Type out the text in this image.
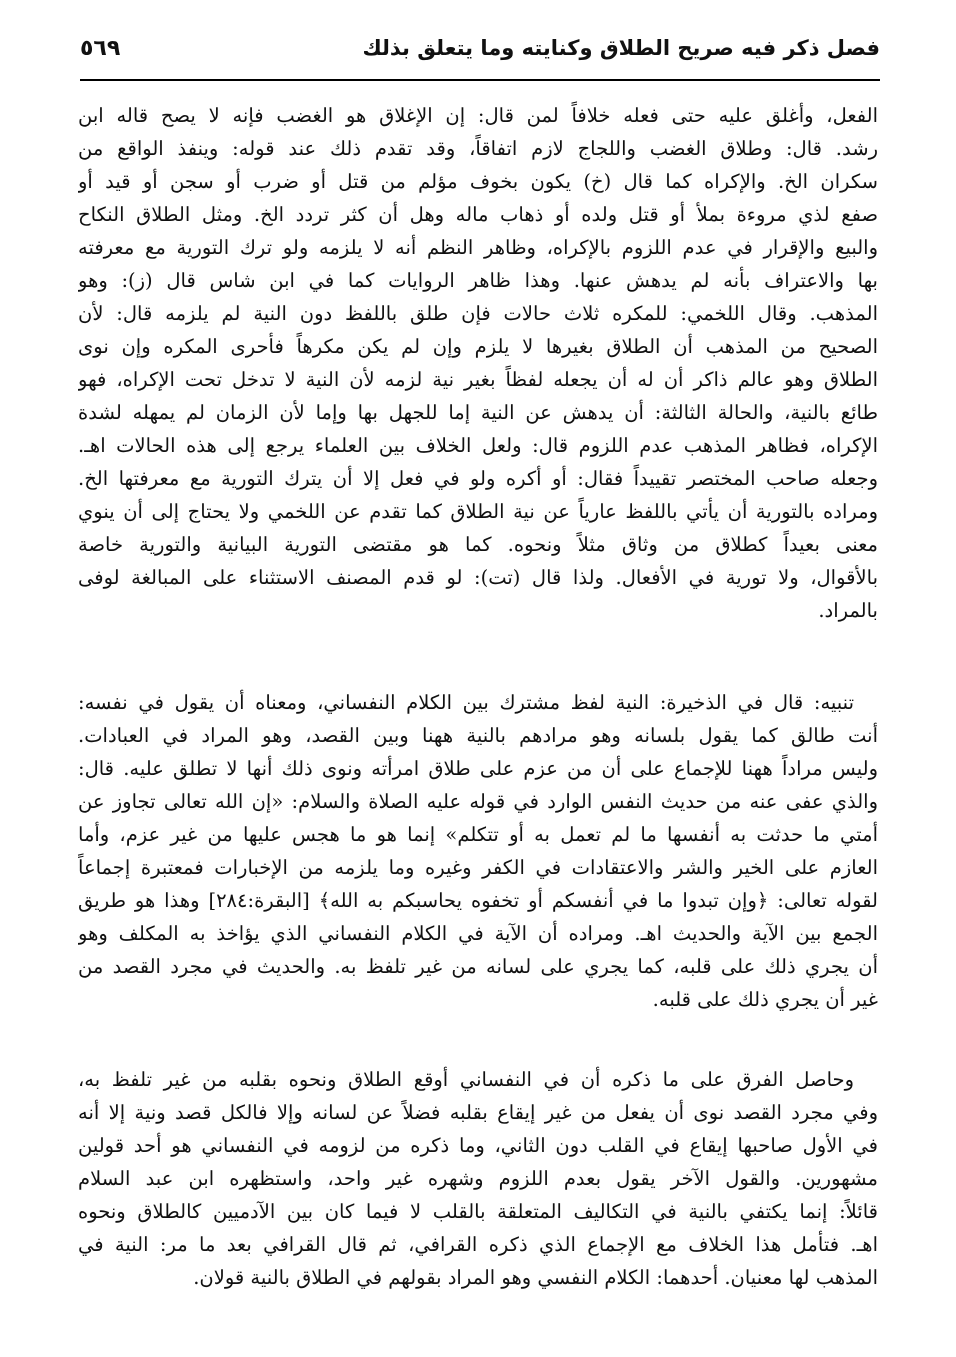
فصل ذكر فيه صريح الطلاق وكنايته وما يتعلق بذلك
٥٦٩
الفعل، وأغلق عليه حتى فعله خلافاً لمن قال: إن الإغلاق هو الغضب فإنه لا يصح قاله ابن
رشد. قال: وطلاق الغضب واللجاج لازم اتفاقاً، وقد تقدم ذلك عند قوله: وينفذ الواقع من
سكران الخ. والإكراه كما قال (خ) يكون بخوف مؤلم من قتل أو ضرب أو سجن أو قيد أو
صفع لذي مروءة بملأ أو قتل ولده أو ذهاب ماله وهل أن كثر تردد الخ. ومثل الطلاق النكاح
والبيع والإقرار في عدم اللزوم بالإكراه، وظاهر النظم أنه لا يلزمه ولو ترك التورية مع معرفته
بها والاعتراف بأنه لم يدهش عنها. وهذا ظاهر الروايات كما في ابن شاس قال (ز): وهو
المذهب. وقال اللخمي: للمكره ثلاث حالات فإن طلق باللفظ دون النية لم يلزمه قال: لأن
الصحيح من المذهب أن الطلاق بغيرها لا يلزم وإن لم يكن مكرهاً فأحرى المكره وإن نوى
الطلاق وهو عالم ذاكر أن له أن يجعله لفظاً بغير نية لزمه لأن النية لا تدخل تحت الإكراه، فهو
طائع بالنية، والحالة الثالثة: أن يدهش عن النية إما للجهل بها وإما لأن الزمان لم يمهله لشدة
الإكراه، فظاهر المذهب عدم اللزوم قال: ولعل الخلاف بين العلماء يرجع إلى هذه الحالات اهـ.
وجعله صاحب المختصر تقييداً فقال: أو أكره ولو في فعل إلا أن يترك التورية مع معرفتها الخ.
ومراده بالتورية أن يأتي باللفظ عارياً عن نية الطلاق كما تقدم عن اللخمي ولا يحتاج إلى أن ينوي
معنى بعيداً كطلاق من وثاق مثلاً ونحوه. كما هو مقتضى التورية البيانية والتورية خاصة
بالأقوال، ولا تورية في الأفعال. ولذا قال (تت): لو قدم المصنف الاستثناء على المبالغة لوفى
بالمراد.
تنبيه: قال في الذخيرة: النية لفظ مشترك بين الكلام النفساني، ومعناه أن يقول في نفسه:
أنت طالق كما يقول بلسانه وهو مرادهم بالنية ههنا وبين القصد، وهو المراد في العبادات.
وليس مراداً ههنا للإجماع على أن من عزم على طلاق امرأته ونوى ذلك أنها لا تطلق عليه. قال:
والذي عفى عنه من حديث النفس الوارد في قوله عليه الصلاة والسلام: «إن الله تعالى تجاوز عن
أمتي ما حدثت به أنفسها ما لم تعمل به أو تتكلم» إنما هو ما هجس عليها من غير عزم، وأما
العازم على الخير والشر والاعتقادات في الكفر وغيره وما يلزمه من الإخبارات فمعتبرة إجماعاً
لقوله تعالى: ﴿وإن تبدوا ما في أنفسكم أو تخفوه يحاسبكم به الله﴾ [البقرة:٢٨٤] وهذا هو طريق
الجمع بين الآية والحديث اهـ. ومراده أن الآية في الكلام النفساني الذي يؤاخذ به المكلف وهو
أن يجري ذلك على قلبه، كما يجري على لسانه من غير تلفظ به. والحديث في مجرد القصد من
غير أن يجري ذلك على قلبه.
وحاصل الفرق على ما ذكره أن في النفساني أوقع الطلاق ونحوه بقلبه من غير تلفظ به،
وفي مجرد القصد نوى أن يفعل من غير إيقاع بقلبه فضلاً عن لسانه وإلا فالكل قصد ونية إلا أنه
في الأول صاحبها إيقاع في القلب دون الثاني، وما ذكره من لزومه في النفساني هو أحد قولين
مشهورين. والقول الآخر يقول بعدم اللزوم وشهره غير واحد، واستظهره ابن عبد السلام
قائلاً: إنما يكتفي بالنية في التكاليف المتعلقة بالقلب لا فيما كان بين الآدميين كالطلاق ونحوه
اهـ. فتأمل هذا الخلاف مع الإجماع الذي ذكره القرافي، ثم قال القرافي بعد ما مر: النية في
المذهب لها معنيان. أحدهما: الكلام النفسي وهو المراد بقولهم في الطلاق بالنية قولان.
